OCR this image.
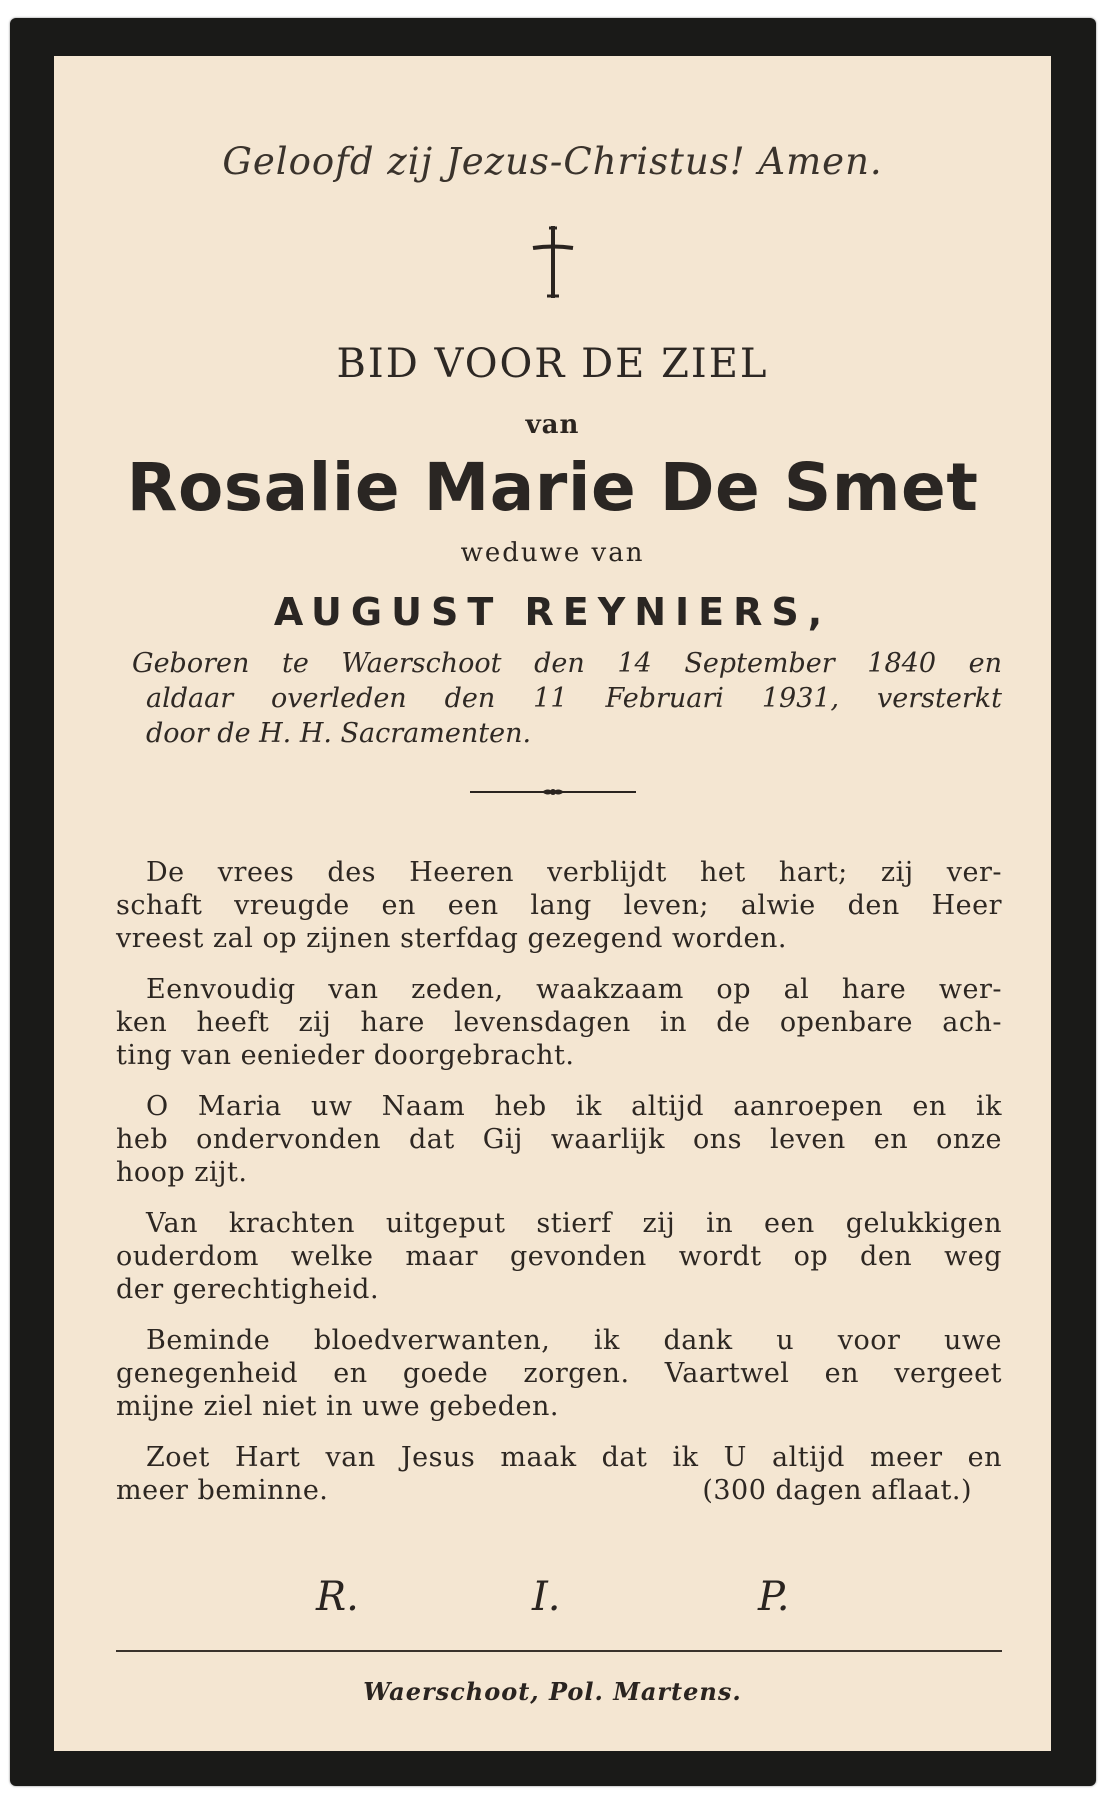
Geloofd zij Jezus-Christus! Amen.
BID VOOR DE ZIEL
van
Rosalie Marie De Smet
weduwe van
AUGUST REYNIERS,
Geboren te Waerschoot den 14 September 1840 en
aldaar overleden den 11 Februari 1931, versterkt
door de H. H. Sacramenten.
De vrees des Heeren verblijdt het hart; zij ver-
schaft vreugde en een lang leven; alwie den Heer
vreest zal op zijnen sterfdag gezegend worden.
Eenvoudig van zeden, waakzaam op al hare wer-
ken heeft zij hare levensdagen in de openbare ach-
ting van eenieder doorgebracht.
O Maria uw Naam heb ik altijd aanroepen en ik
heb ondervonden dat Gij waarlijk ons leven en onze
hoop zijt.
Van krachten uitgeput stierf zij in een gelukkigen
ouderdom welke maar gevonden wordt op den weg
der gerechtigheid.
Beminde bloedverwanten, ik dank u voor uwe
genegenheid en goede zorgen. Vaartwel en vergeet
mijne ziel niet in uwe gebeden.
Zoet Hart van Jesus maak dat ik U altijd meer en
meer beminne.	(300 dagen aflaat.)
R.	I.	P.
Waerschoot, Pol. Martens.
